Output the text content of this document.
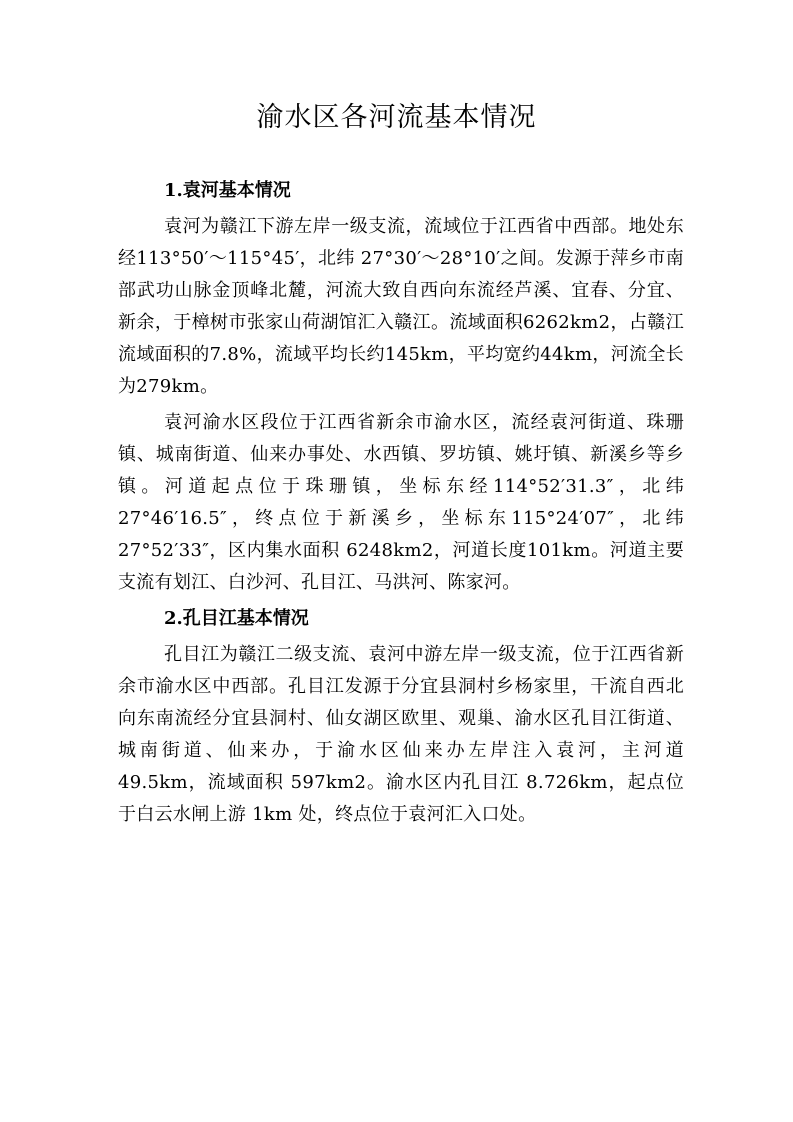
渝水区各河流基本情况
1.袁河基本情况

袁河为赣江下游左岸一级支流，流域位于江西省中西部。地处东经113°50′～115°45′，北纬 27°30′～28°10′之间。发源于萍乡市南部武功山脉金顶峰北麓，河流大致自西向东流经芦溪、宜春、分宜、新余，于樟树市张家山荷湖馆汇入赣江。流域面积6262km2，占赣江流域面积的7.8%，流域平均长约145km，平均宽约44km，河流全长为279km。

袁河渝水区段位于江西省新余市渝水区，流经袁河街道、珠珊镇、城南街道、仙来办事处、水西镇、罗坊镇、姚圩镇、新溪乡等乡镇。河道起点位于珠珊镇，坐标东经114°52′31.3″，北纬 27°46′16.5″，终点位于新溪乡，坐标东115°24′07″，北纬 27°52′33″，区内集水面积 6248km2，河道长度101km。河道主要支流有划江、白沙河、孔目江、马洪河、陈家河。

2.孔目江基本情况

孔目江为赣江二级支流、袁河中游左岸一级支流，位于江西省新余市渝水区中西部。孔目江发源于分宜县洞村乡杨家里，干流自西北向东南流经分宜县洞村、仙女湖区欧里、观巢、渝水区孔目江街道、城南街道、仙来办，于渝水区仙来办左岸注入袁河，主河道 49.5km，流域面积 597km2。渝水区内孔目江 8.726km，起点位于白云水闸上游 1km 处，终点位于袁河汇入口处。
